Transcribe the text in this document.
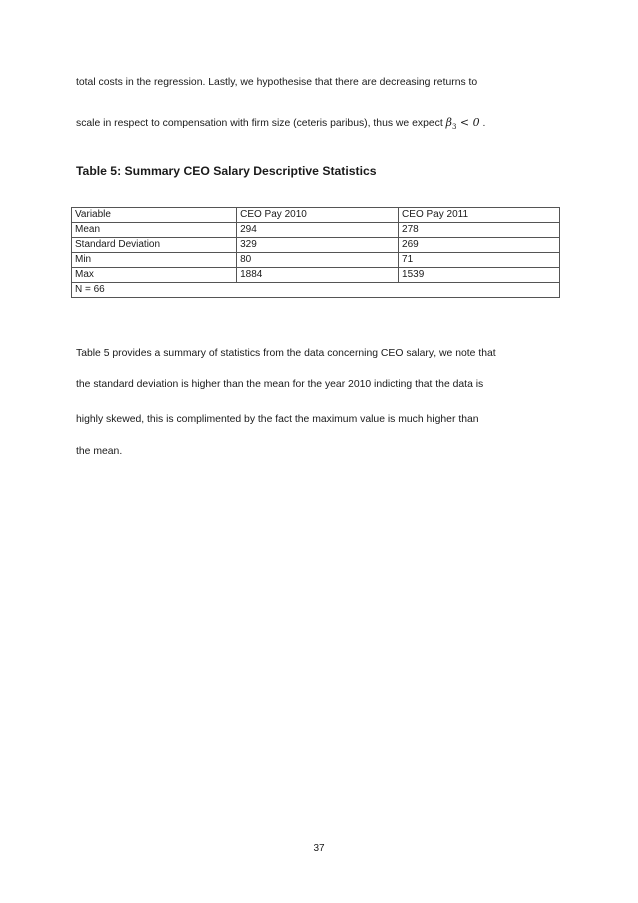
total costs in the regression. Lastly, we hypothesise that there are decreasing returns to
scale in respect to compensation with firm size (ceteris paribus), thus we expect $\beta_3 < 0$ .
Table 5: Summary CEO Salary Descriptive Statistics
Variable	CEO Pay 2010	CEO Pay 2011
Mean	294	278
Standard Deviation	329	269
Min	80	71
Max	1884	1539
N = 66		
Table 5 provides a summary of statistics from the data concerning CEO salary, we note that
the standard deviation is higher than the mean for the year 2010 indicting that the data is
highly skewed, this is complimented by the fact the maximum value is much higher than
the mean.
37
